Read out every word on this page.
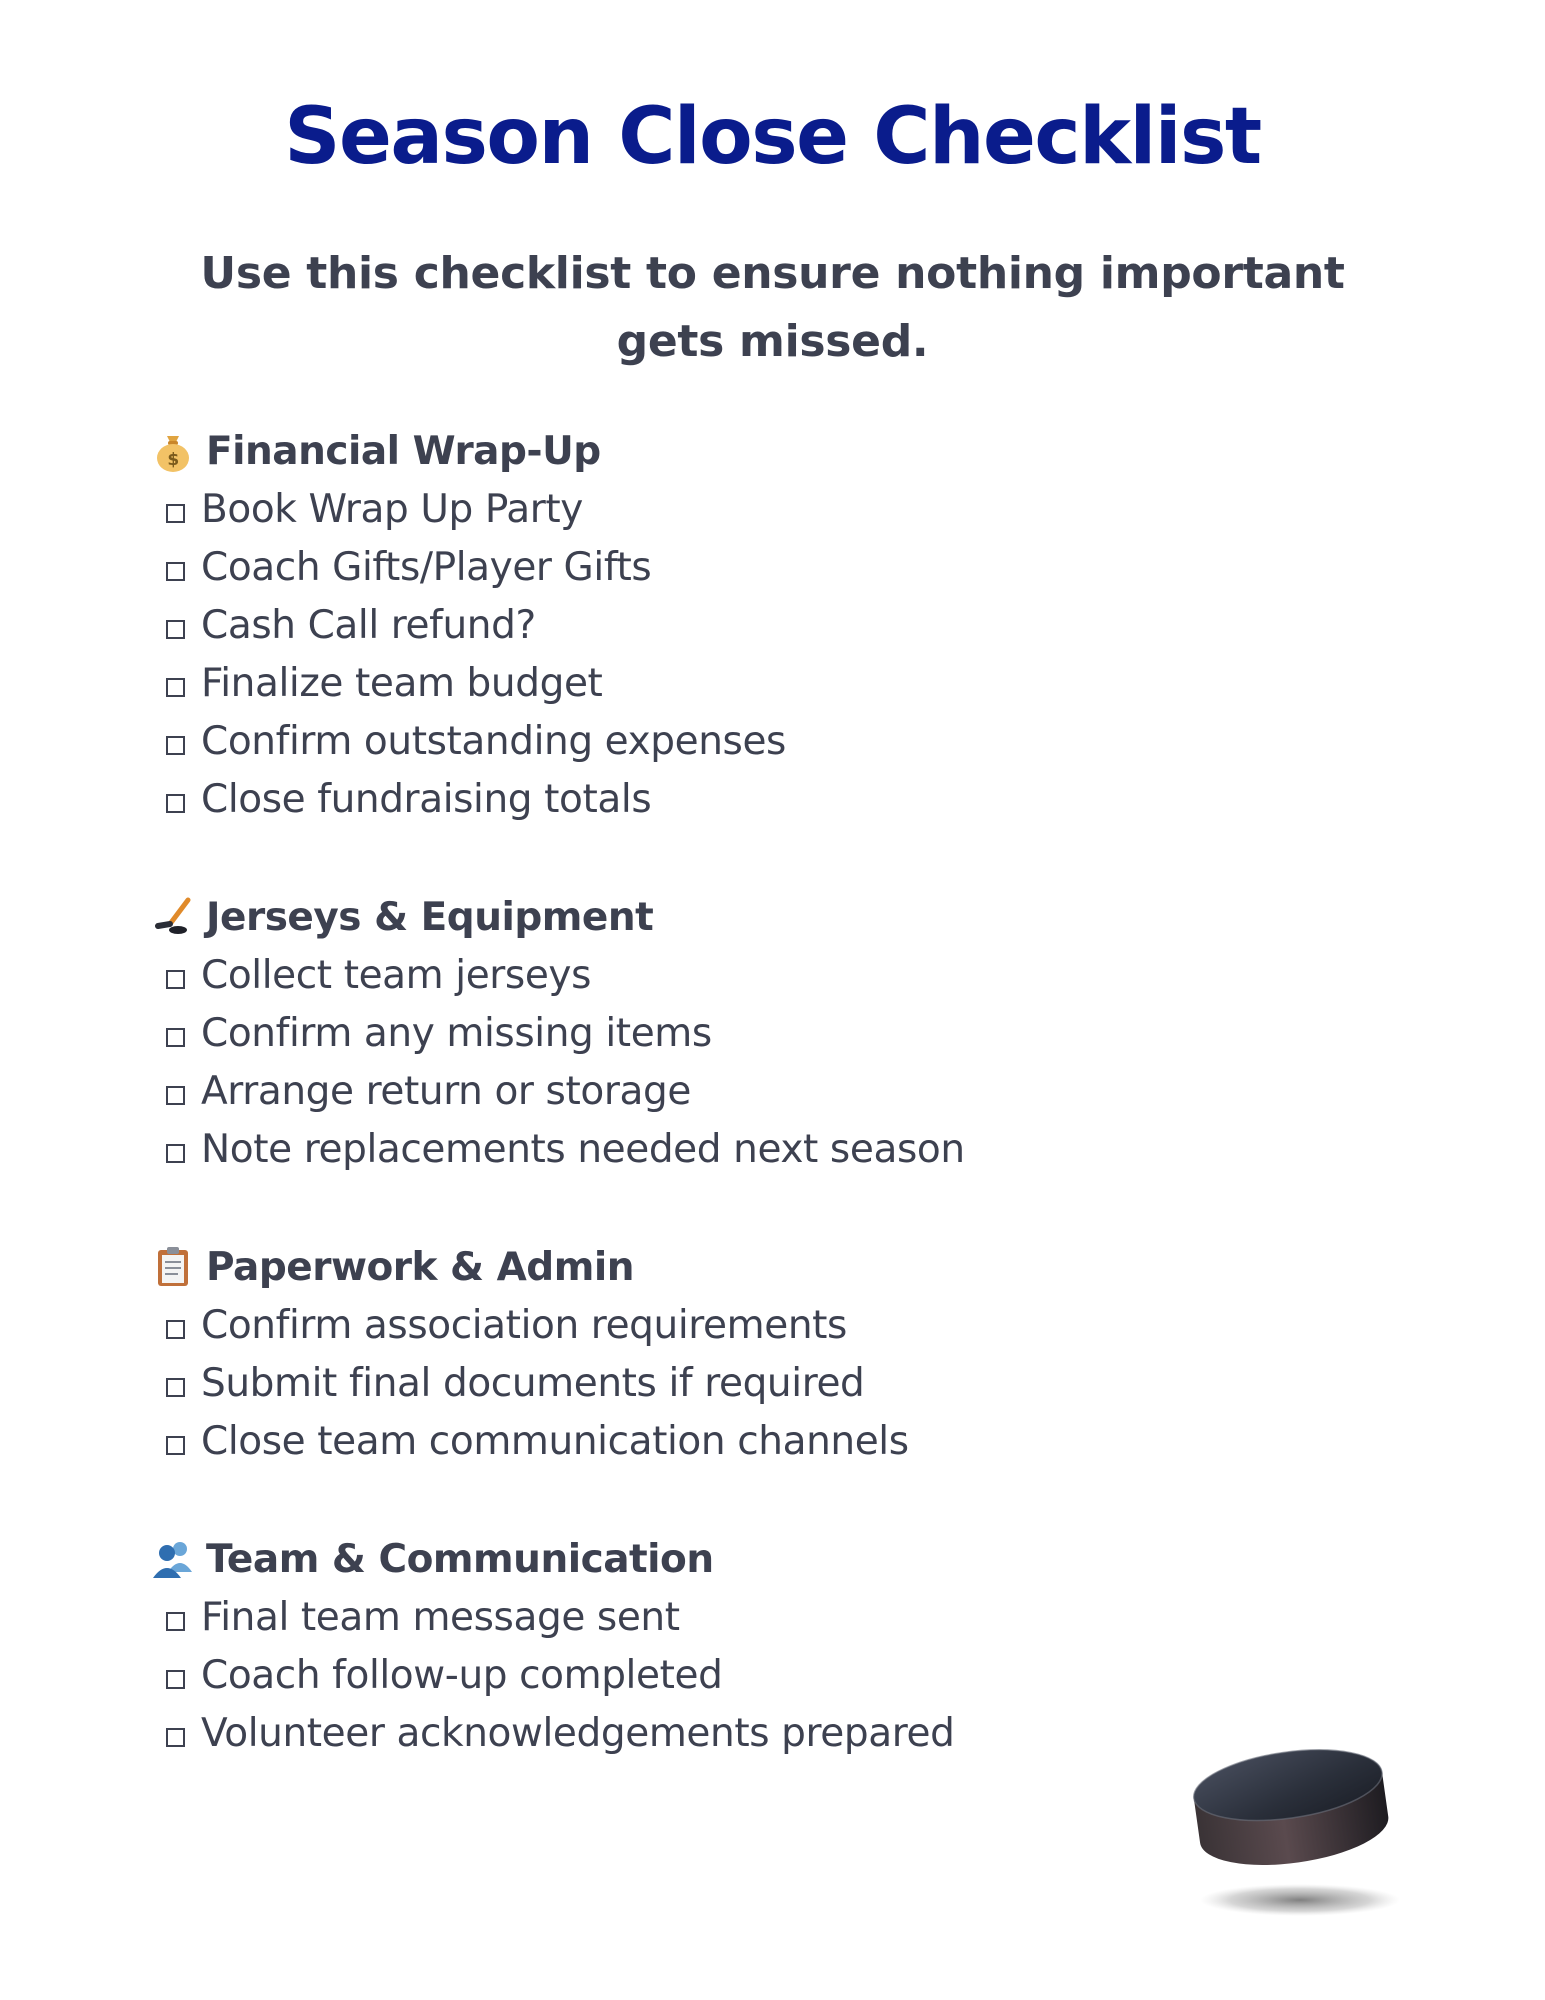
Season Close Checklist
Use this checklist to ensure nothing important gets missed.
$ Financial Wrap-Up
Book Wrap Up Party
Coach Gifts/Player Gifts
Cash Call refund?
Finalize team budget
Confirm outstanding expenses
Close fundraising totals
Jerseys & Equipment
Collect team jerseys
Confirm any missing items
Arrange return or storage
Note replacements needed next season
Paperwork & Admin
Confirm association requirements
Submit final documents if required
Close team communication channels
Team & Communication
Final team message sent
Coach follow-up completed
Volunteer acknowledgements prepared
